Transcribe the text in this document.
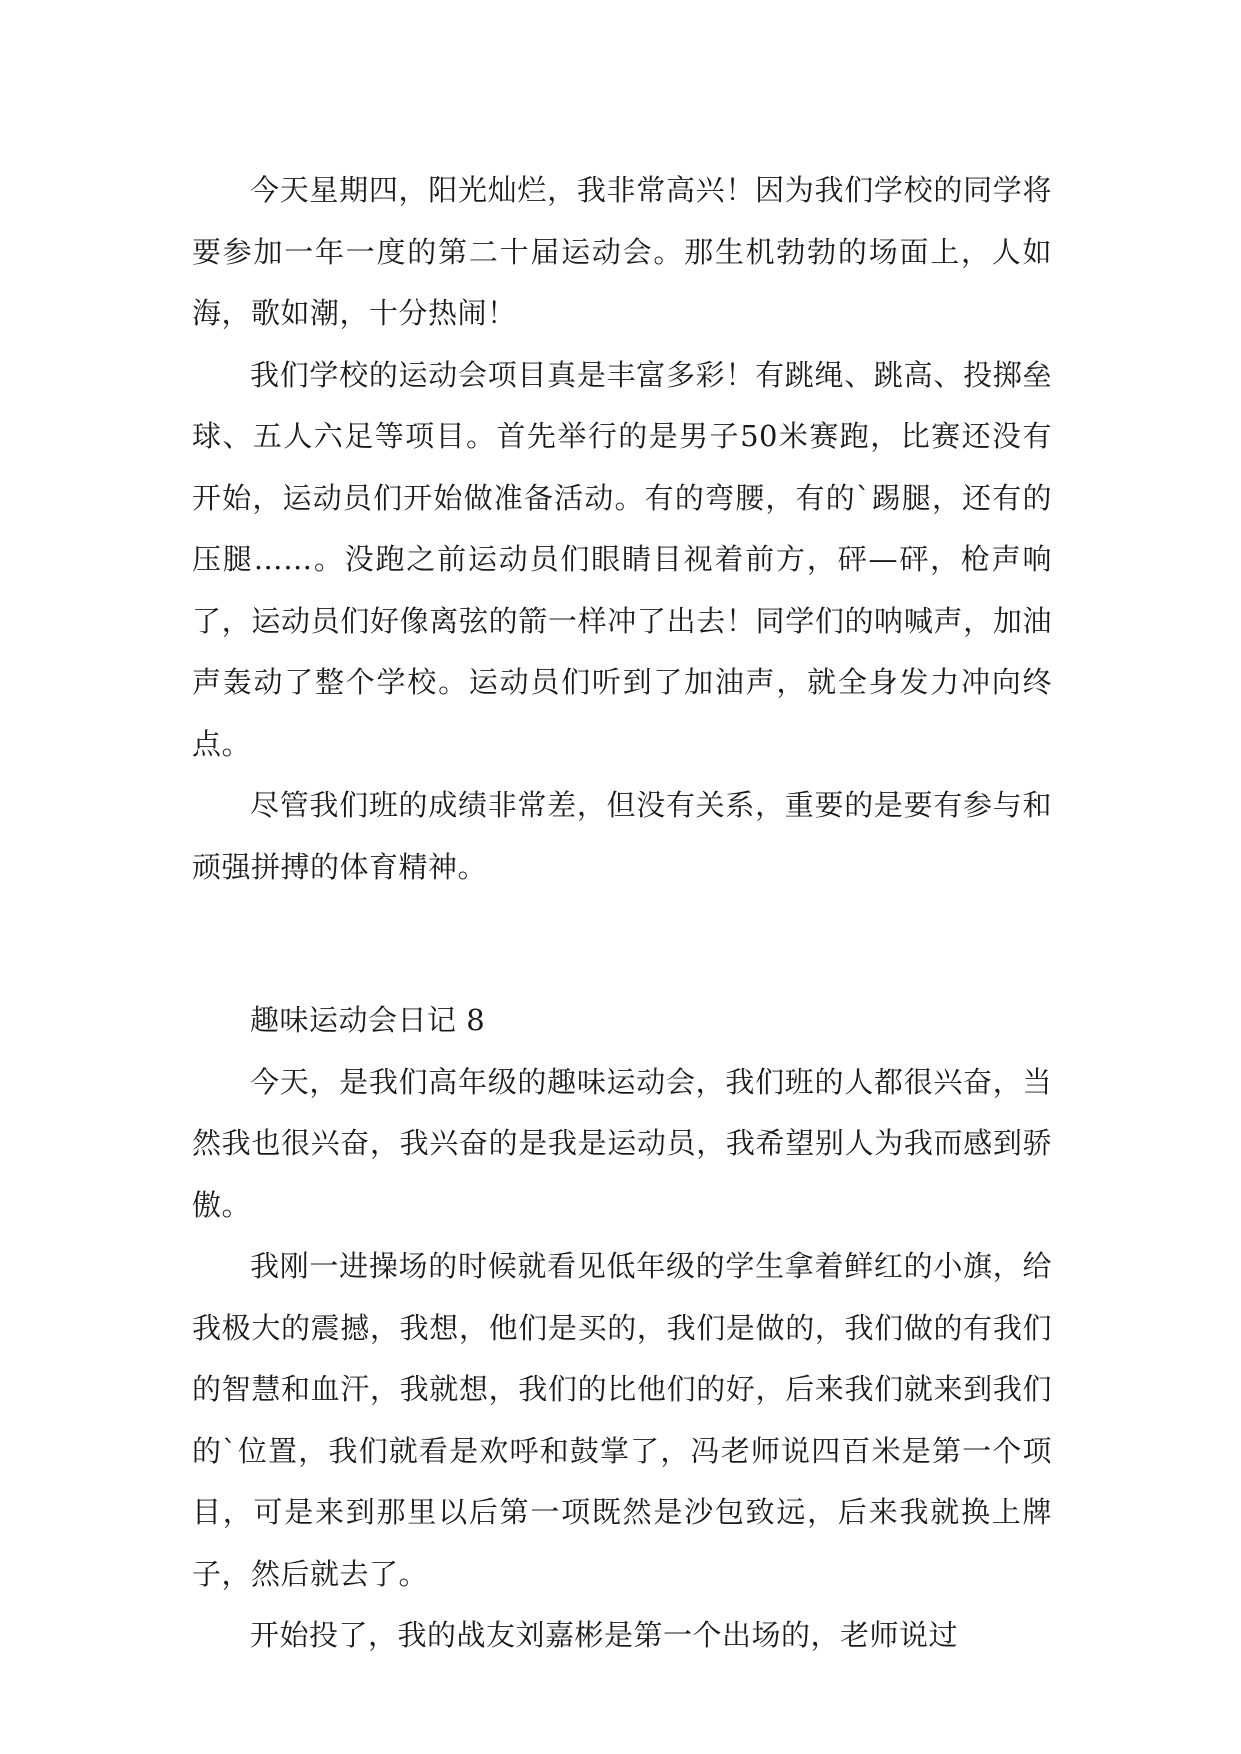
今天星期四，阳光灿烂，我非常高兴！因为我们学校的同学将要参加一年一度的第二十届运动会。那生机勃勃的场面上，人如海，歌如潮，十分热闹！

我们学校的运动会项目真是丰富多彩！有跳绳、跳高、投掷垒球、五人六足等项目。首先举行的是男子50米赛跑，比赛还没有开始，运动员们开始做准备活动。有的弯腰，有的`踢腿，还有的压腿……。没跑之前运动员们眼睛目视着前方，砰—砰，枪声响了，运动员们好像离弦的箭一样冲了出去！同学们的呐喊声，加油声轰动了整个学校。运动员们听到了加油声，就全身发力冲向终点。

尽管我们班的成绩非常差，但没有关系，重要的是要有参与和顽强拼搏的体育精神。

趣味运动会日记 8

今天，是我们高年级的趣味运动会，我们班的人都很兴奋，当然我也很兴奋，我兴奋的是我是运动员，我希望别人为我而感到骄傲。

我刚一进操场的时候就看见低年级的学生拿着鲜红的小旗，给我极大的震撼，我想，他们是买的，我们是做的，我们做的有我们的智慧和血汗，我就想，我们的比他们的好，后来我们就来到我们的`位置，我们就看是欢呼和鼓掌了，冯老师说四百米是第一个项目，可是来到那里以后第一项既然是沙包致远，后来我就换上牌子，然后就去了。

开始投了，我的战友刘嘉彬是第一个出场的，老师说过
